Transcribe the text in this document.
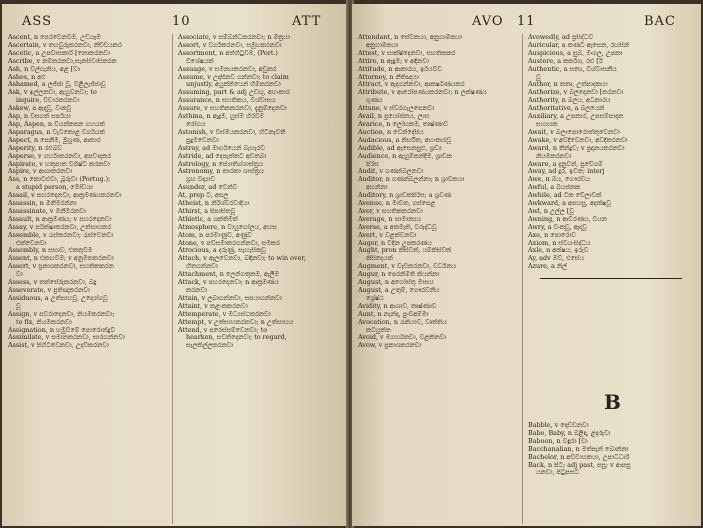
ASS	10	ATT
Ascent, n පෙරවෙනවීම, උඩයෑම
Ascertain, v තහවුරුකරනවා, නිච්චයකර
Ascetic, a උපවාසකාරී [නොකරනවා
Ascribe, v නම්කරනවා,සැනසිවාසිකරන
Ash, n වල්ගැනිය, අළ [වා
Ashes, n අළු
Ashamed, a ලජ්ජා වූ, විළිලැජ්ජාවූ
Ask, v ඉල්ලනවා, ඇහුවනවා; to
inquire, විචාරකරනවා
Askew, a ඇදවූ, වංකවූ
Asp, n වසගත් සර්පයා
Asp, Aspen, n වියන්කපන ගහයක්
Asparagus, n වැටකොළ වර්ගයක්
Aspect, n පෙනීම, මුහුණ, ආකාර
Asperity, n රළුබව
Asperse, v ගර්හාකරනවා, අපවාදකර
Aspirate, v හතුපාත විශිෂ්ට කරනවා
Aspire, v ආශාකරනවා
Ass, n කොටළුවා, බූරුවා (Portug.);
a stupid person, මෝඩයා
Assail, v පහරදෙනවා, ආක්‍රමණයකරනවා
Assassin, n මිනීමරන්නා
Assassinate, v මිනීමරනවා
Assault, n ආක්‍රමණය; v පහරදෙනවා
Assay, v පරීක්ෂාකරනවා, උත්සාහකර
Assemble, v රැස්කරනවා; රැස්වෙනවා
එක්වෙනවා
Assembly, n සභාව, එකතුවීම
Assent, n එකඟවීම; v අනුමතකරනවා
Assert, v ප්‍රකාශකරනවා, සහතිකකරන
වා
Assess, v තක්සේරුකරනවා, බදු
Asseverate, v ප්‍රතිඥාකරනවා
Assiduous, a උත්සාහවූ, උද්‍යෝගවූ
වූ
Assign, v පවරාදෙනවා, නියමකරනවා;
to fix, නියමකරනවා
Assignation, n හමුවීමේ පොරොන්දුව
Assimilate, v සමානකරනවා, සාරගන්නවා
Assist, v පිහිටවෙනවා, උදව්කරනවා
Associate, v සම්බන්ධකරනවා; n මිත්‍රයා
Assort, v වර්ගකරනවා, සමූහකරනවා
Assortment, n අත්හිටුවීම, (Port.)
විශේෂයක්
Assuage, v සමනයකරනවා, අඩුකර
Assume, v උදාසීනව ගන්නවා; to claim
unjustly, අයුක්තියෙන් හිමිකරනවා
Assuming, part & adj උඩඟු, අහංකාර
Assurance, n සහතිකය, විශ්වාසය
Assure, v සහතිකකරනවා, දැනුම්දෙනවා
Asthma, n ඇදුම, හුස්ම හිරවීම
රෝගය
Astonish, v විස්මයකරනවා, හිටිනැවතී
පුදුමවෙනවා
Astray, ad මාර්ගයෙන් බැහැරව
Astride, ad දෙපැත්තට අඩිතබා
Astrology, n ජ්‍යොතිශ්ශාස්ත්‍රය
Astronomy, n තාරකා ශාස්ත්‍රය
ග්‍රහ විද්‍යාව
Asunder, ad වෙන්ව
At, prep ට, අසල
Atheist, n නිරීශ්වරවාදියා
Athirst, a පිපාසිතවූ
Athletic, a ශක්තිමත්
Atmosphere, n වායුගෝලය, අහස
Atom, n පරමාණුව, අණුව
Atone, v පව්සමාකරගන්නවා, සමකර
Atrocious, a දරුණු, සැහැසිකවූ
Attach, v ඇලවෙනවා, බඳිනවා; to win over,
හිතගන්නවා
Attachment, n ලෙන්ගතුකම, ඇලීම
Attack, v පහරදෙනවා; n ආක්‍රමණය
කරනවා
Attain, v ලබාගන්නවා, සපයාගන්නවා
Attaint, v කළංකකරනවා
Attemperate, v මධ්‍යස්ථකරනවා
Attempt, v උත්සාහකරනවා; n උත්සාහය
Attend, v පරෙස්සම්වෙනවා; to
hearken, සවන්දෙනවා; to regard,
සැලකිල්ලකරනවා
AVO 11	BAC
Attendant, n සේවකයා, අනුගාමිකයා
අනුගාමිකයා
Attest, v සාක්ෂිදෙනවා, සහතිකකර
Attire, n ඇඳුම; v අඳිනවා
Attitude, n ආකාරය, ඉරියව්ව
Attorney, n නීතිඥයා
Attract, v ඇදගන්නවා, ආකර්ෂණයකර
Attribute, v ආරෝපණයකරනවා; n ලක්ෂණය
ගුණය
Attune, v ස්වරගැලපෙනවා
Avail, n ප්‍රයෝජනය, ලාභ
Avarice, n ලෝභකම, තෘෂ්ණාව
Auction, n වෙන්දේසිය
Audacious, a නිර්භීත, අහංකාරවූ
Audible, ad ඇසෙනසුළු, ශ්‍රව්‍ය
Audience, n ඇහුම්කන්දීම, ශ්‍රාවක
පිරිස
Audit, v ගණන්බලනවා
Auditor, n ගණන්බලන්නා; n ශ්‍රාවකයා
අහන්නා
Auditory, n ශ්‍රාවකපිරිස; a ශ්‍රවණ
Avenue, n මාවත, ගස්පෙළ
Aver, v සහතිකකරනවා
Average, n සාමාන්‍යය
Averse, a අකමැති, විරුද්ධවූ
Avert, v වළක්වනවා
Auger, n විදින උපකරණය
Aught, pron කිසිවක්, යම්කිසිවක්
කිසිදෙයක්
Augment, v වැඩිකරනවා, වර්ධනය
Augur, n පෙරනිමිති කියන්නා
August, n අගෝස්තු මාසය
August, a උතුම්, ගෞරවනීය
ශ්‍රේෂ්ඨ
Avidity, n ආශාව, තෘෂ්ණාව
Aunt, n නැන්දා, පුංචිඅම්මා
Avocation, n රැකියාව, වෘත්තිය
කටයුත්ත
Avoid, v මගහරිනවා, වළකිනවා
Avow, v ප්‍රකාශකරනවා
Avowedly, ad ප්‍රසිද්ධව
Auricular, a කණට ඇසෙන, රහසින්
Auspicious, a සුබ, මංගල, උපකා
Austere, a කර්කශ, රළු [රී
Authentic, a සත්‍ය, විශ්වාසනීය
වූ
Author, n කතෘ, උත්පාදකයා
Authorize, v බලදෙනවා [කරනවා
Authority, n බලය, අධිකාරය
Authoritative, a බලයෙන්
Auxiliary, a උපකාර, උපසම්පාදක
සහායක
Await, v බලාපොරොත්තුවෙනවා
Awake, v අවදිවෙනවා, අවදිකරනවා
Award, n තීන්දුව; v ප්‍රදානයකරනවා
නියමකරනවා
Aware, a දැනුවත්, ප්‍රවේශම්
Away, ad දුර, ඉවත; interj
Awe, n බිය, ගෞරවය
Awful, a බියජනක
Awhile, ad ටික වේලාවක්
Awkward, a අපහසු, අදක්ෂවූ
Awl, n උල්ල [වූ
Awning, n ආවරණය, වියන
Awry, a වංකවූ, ඇදවූ
Axe, n පොරොව
Axiom, n ස්වයංසිද්ධිය
Axle, n අක්ෂය, ඉරුව
Ay, adv ඔව්, එසේය
Azure, a නිල්
B
Babble, v දොඩවනවා
Babe, Baby, n බිළිඳා, ළදරුවා
Baboon, n වඳුරා [වා
Bacchanalian, n මත්පැන් බොන්නා
Bachelor, n අවිවාහකයා, උපාධිධාරී
Back, n පිට; adj past, පසු; v ආපසු
යනවා, පිටුපසට
